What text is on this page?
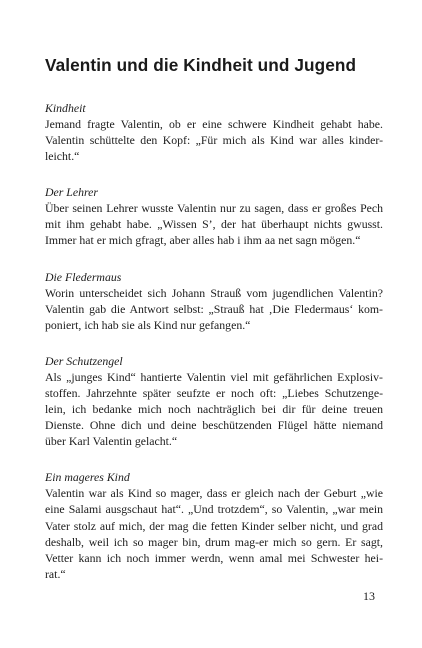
Valentin und die Kindheit und Jugend
Kindheit
Jemand fragte Valentin, ob er eine schwere Kindheit gehabt habe.
Valentin schüttelte den Kopf: „Für mich als Kind war alles kinder-
leicht.“
Der Lehrer
Über seinen Lehrer wusste Valentin nur zu sagen, dass er großes Pech
mit ihm gehabt habe. „Wissen S’, der hat überhaupt nichts gwusst.
Immer hat er mich gfragt, aber alles hab i ihm aa net sagn mögen.“
Die Fledermaus
Worin unterscheidet sich Johann Strauß vom jugendlichen Valentin?
Valentin gab die Antwort selbst: „Strauß hat ‚Die Fledermaus‘ kom-
poniert, ich hab sie als Kind nur gefangen.“
Der Schutzengel
Als „junges Kind“ hantierte Valentin viel mit gefährlichen Explosiv-
stoffen. Jahrzehnte später seufzte er noch oft: „Liebes Schutzenge-
lein, ich bedanke mich noch nachträglich bei dir für deine treuen
Dienste. Ohne dich und deine beschützenden Flügel hätte niemand
über Karl Valentin gelacht.“
Ein mageres Kind
Valentin war als Kind so mager, dass er gleich nach der Geburt „wie
eine Salami ausgschaut hat“. „Und trotzdem“, so Valentin, „war mein
Vater stolz auf mich, der mag die fetten Kinder selber nicht, und grad
deshalb, weil ich so mager bin, drum mag-er mich so gern. Er sagt,
Vetter kann ich noch immer werdn, wenn amal mei Schwester hei-
rat.“

13
